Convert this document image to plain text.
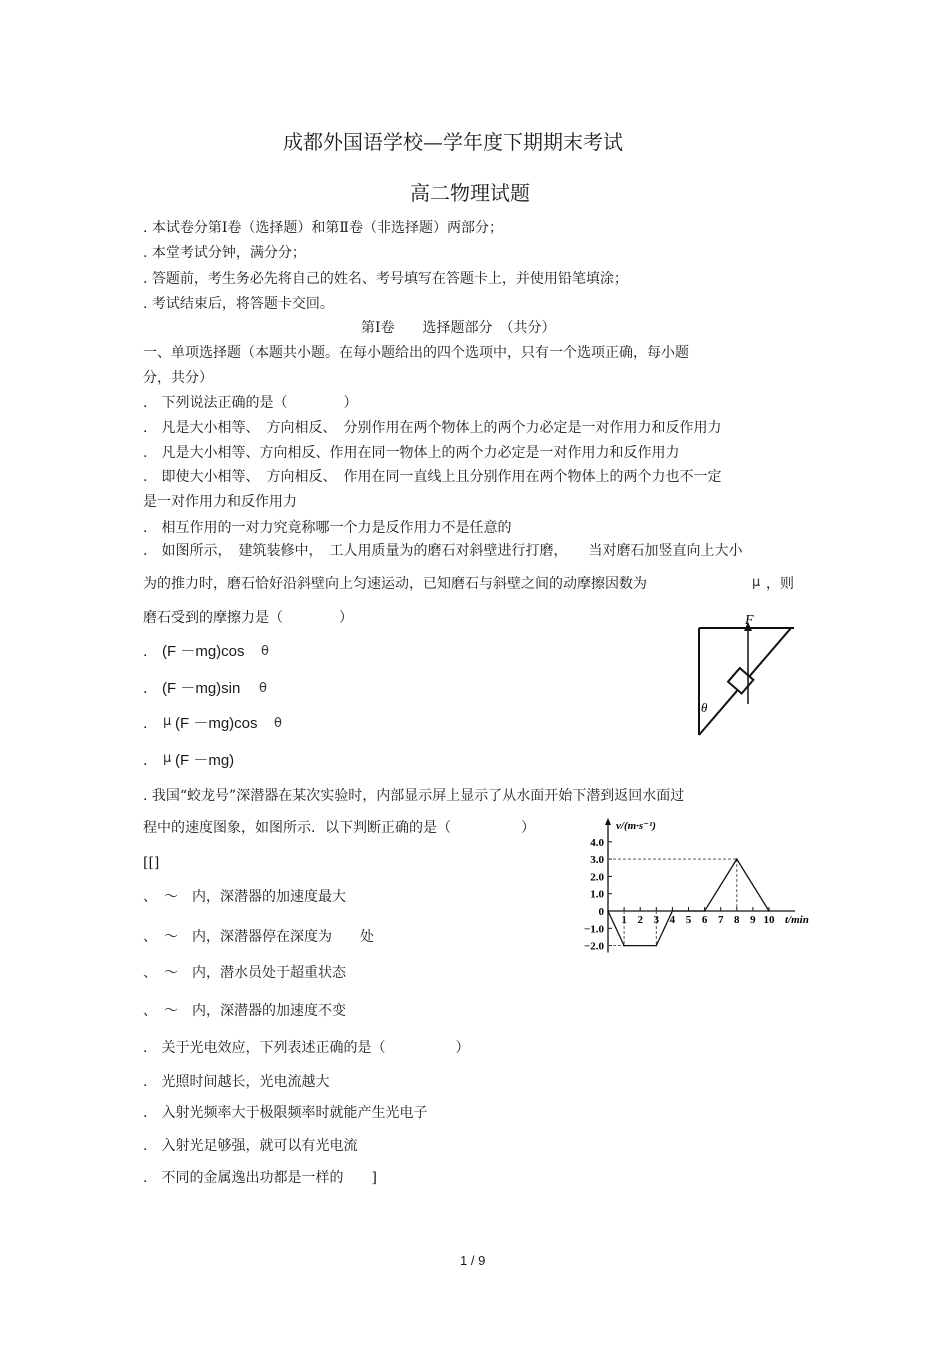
成都外国语学校—学年度下期期末考试
高二物理试题
. 本试卷分第Ⅰ卷（选择题）和第Ⅱ卷（非选择题）两部分；
. 本堂考试分钟，满分分；
. 答题前，考生务必先将自己的姓名、考号填写在答题卡上，并使用铅笔填涂；
. 考试结束后，将答题卡交回。
第Ⅰ卷　　选择题部分　（共分）
一、单项选择题（本题共小题。在每小题给出的四个选项中，只有一个选项正确，每小题
分，共分）
.　下列说法正确的是（　　　　）
.　凡是大小相等、　方向相反、　分别作用在两个物体上的两个力必定是一对作用力和反作用力
.　凡是大小相等、方向相反、作用在同一物体上的两个力必定是一对作用力和反作用力
.　即使大小相等、　方向相反、　作用在同一直线上且分别作用在两个物体上的两个力也不一定
是一对作用力和反作用力
.　相互作用的一对力究竟称哪一个力是反作用力不是任意的
.　如图所示，　建筑装修中，　工人用质量为的磨石对斜壁进行打磨，　　当对磨石加竖直向上大小
为的推力时，磨石恰好沿斜壁向上匀速运动，已知磨石与斜壁之间的动摩擦因数为	μ ，则
磨石受到的摩擦力是（　　　　）
. (F －mg)cos θ
. (F －mg)sin θ
. μ (F －mg)cos θ
. μ (F －mg)
F
θ
. 我国“蛟龙号”深潜器在某次实验时，内部显示屏上显示了从水面开始下潜到返回水面过
程中的速度图象，如图所示．以下判断正确的是（　　　　　）
[[]
、　～　内，深潜器的加速度最大
、　～　内，深潜器停在深度为　　处
、　～　内，潜水员处于超重状态
、　～　内，深潜器的加速度不变
v/(m·s⁻¹)
t/min
4.0
3.0
2.0
1.0
0
−1.0
−2.0
1 2 3 4 5 6 7 8 9 10
.　关于光电效应，下列表述正确的是（　　　　　）
.　光照时间越长，光电流越大
.　入射光频率大于极限频率时就能产生光电子
.　入射光足够强，就可以有光电流
.　不同的金属逸出功都是一样的　　]
1 / 9
